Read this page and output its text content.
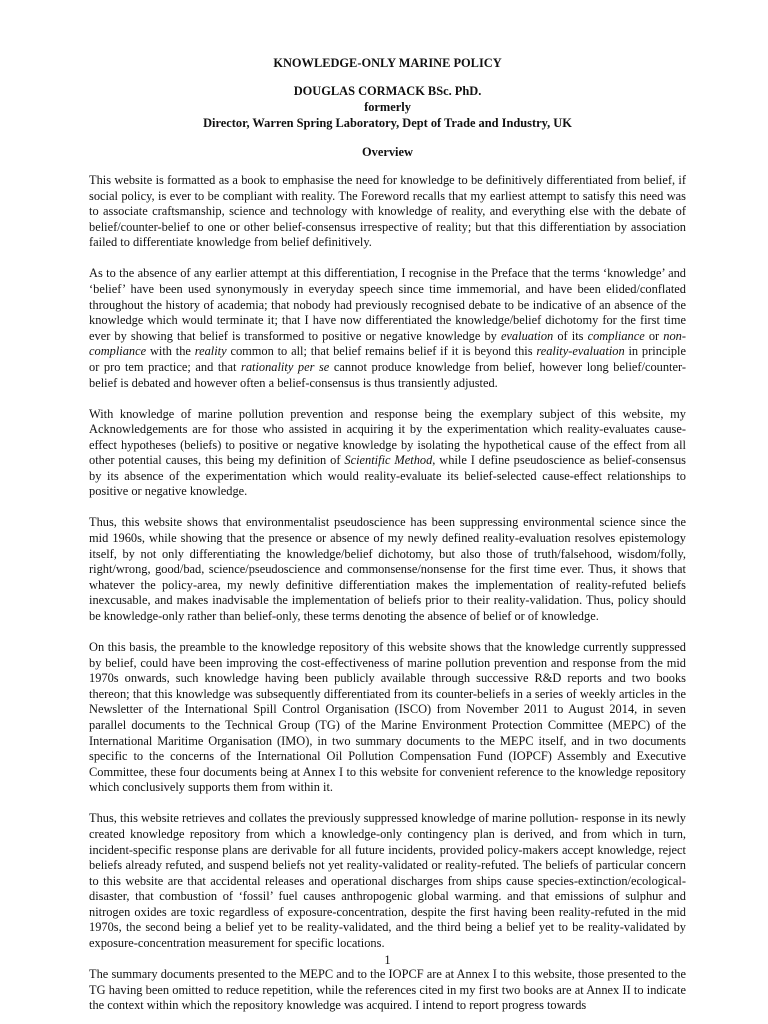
KNOWLEDGE-ONLY MARINE POLICY
DOUGLAS CORMACK BSc. PhD.
formerly
Director, Warren Spring Laboratory, Dept of Trade and Industry, UK
Overview

This website is formatted as a book to emphasise the need for knowledge to be definitively differentiated from belief, if social policy, is ever to be compliant with reality. The Foreword recalls that my earliest attempt to satisfy this need was to associate craftsmanship, science and technology with knowledge of reality, and everything else with the debate of belief/counter-belief to one or other belief-consensus irrespective of reality; but that this differentiation by association failed to differentiate knowledge from belief definitively.

As to the absence of any earlier attempt at this differentiation, I recognise in the Preface that the terms ‘knowledge’ and ‘belief’ have been used synonymously in everyday speech since time immemorial, and have been elided/conflated throughout the history of academia; that nobody had previously recognised debate to be indicative of an absence of the knowledge which would terminate it; that I have now differentiated the knowledge/belief dichotomy for the first time ever by showing that belief is transformed to positive or negative knowledge by evaluation of its compliance or non-compliance with the reality common to all; that belief remains belief if it is beyond this reality-evaluation in principle or pro tem practice; and that rationality per se cannot produce knowledge from belief, however long belief/counter-belief is debated and however often a belief-consensus is thus transiently adjusted.

With knowledge of marine pollution prevention and response being the exemplary subject of this website, my Acknowledgements are for those who assisted in acquiring it by the experimentation which reality-evaluates cause-effect hypotheses (beliefs) to positive or negative knowledge by isolating the hypothetical cause of the effect from all other potential causes, this being my definition of Scientific Method, while I define pseudoscience as belief-consensus by its absence of the experimentation which would reality-evaluate its belief-selected cause-effect relationships to positive or negative knowledge.

Thus, this website shows that environmentalist pseudoscience has been suppressing environmental science since the mid 1960s, while showing that the presence or absence of my newly defined reality-evaluation resolves epistemology itself, by not only differentiating the knowledge/belief dichotomy, but also those of truth/falsehood, wisdom/folly, right/wrong, good/bad, science/pseudoscience and commonsense/nonsense for the first time ever. Thus, it shows that whatever the policy-area, my newly definitive differentiation makes the implementation of reality-refuted beliefs inexcusable, and makes inadvisable the implementation of beliefs prior to their reality-validation. Thus, policy should be knowledge-only rather than belief-only, these terms denoting the absence of belief or of knowledge.

On this basis, the preamble to the knowledge repository of this website shows that the knowledge currently suppressed by belief, could have been improving the cost-effectiveness of marine pollution prevention and response from the mid 1970s onwards, such knowledge having been publicly available through successive R&D reports and two books thereon; that this knowledge was subsequently differentiated from its counter-beliefs in a series of weekly articles in the Newsletter of the International Spill Control Organisation (ISCO) from November 2011 to August 2014, in seven parallel documents to the Technical Group (TG) of the Marine Environment Protection Committee (MEPC) of the International Maritime Organisation (IMO), in two summary documents to the MEPC itself, and in two documents specific to the concerns of the International Oil Pollution Compensation Fund (IOPCF) Assembly and Executive Committee, these four documents being at Annex I to this website for convenient reference to the knowledge repository which conclusively supports them from within it.

Thus, this website retrieves and collates the previously suppressed knowledge of marine pollution- response in its newly created knowledge repository from which a knowledge-only contingency plan is derived, and from which in turn, incident-specific response plans are derivable for all future incidents, provided policy-makers accept knowledge, reject beliefs already refuted, and suspend beliefs not yet reality-validated or reality-refuted. The beliefs of particular concern to this website are that accidental releases and operational discharges from ships cause species-extinction/ecological-disaster, that combustion of ‘fossil’ fuel causes anthropogenic global warming. and that emissions of sulphur and nitrogen oxides are toxic regardless of exposure-concentration, despite the first having been reality-refuted in the mid 1970s, the second being a belief yet to be reality-validated, and the third being a belief yet to be reality-validated by exposure-concentration measurement for specific locations.

The summary documents presented to the MEPC and to the IOPCF are at Annex I to this website, those presented to the TG having been omitted to reduce repetition, while the references cited in my first two books are at Annex II to indicate the context within which the repository knowledge was acquired. I intend to report progress towards

1
